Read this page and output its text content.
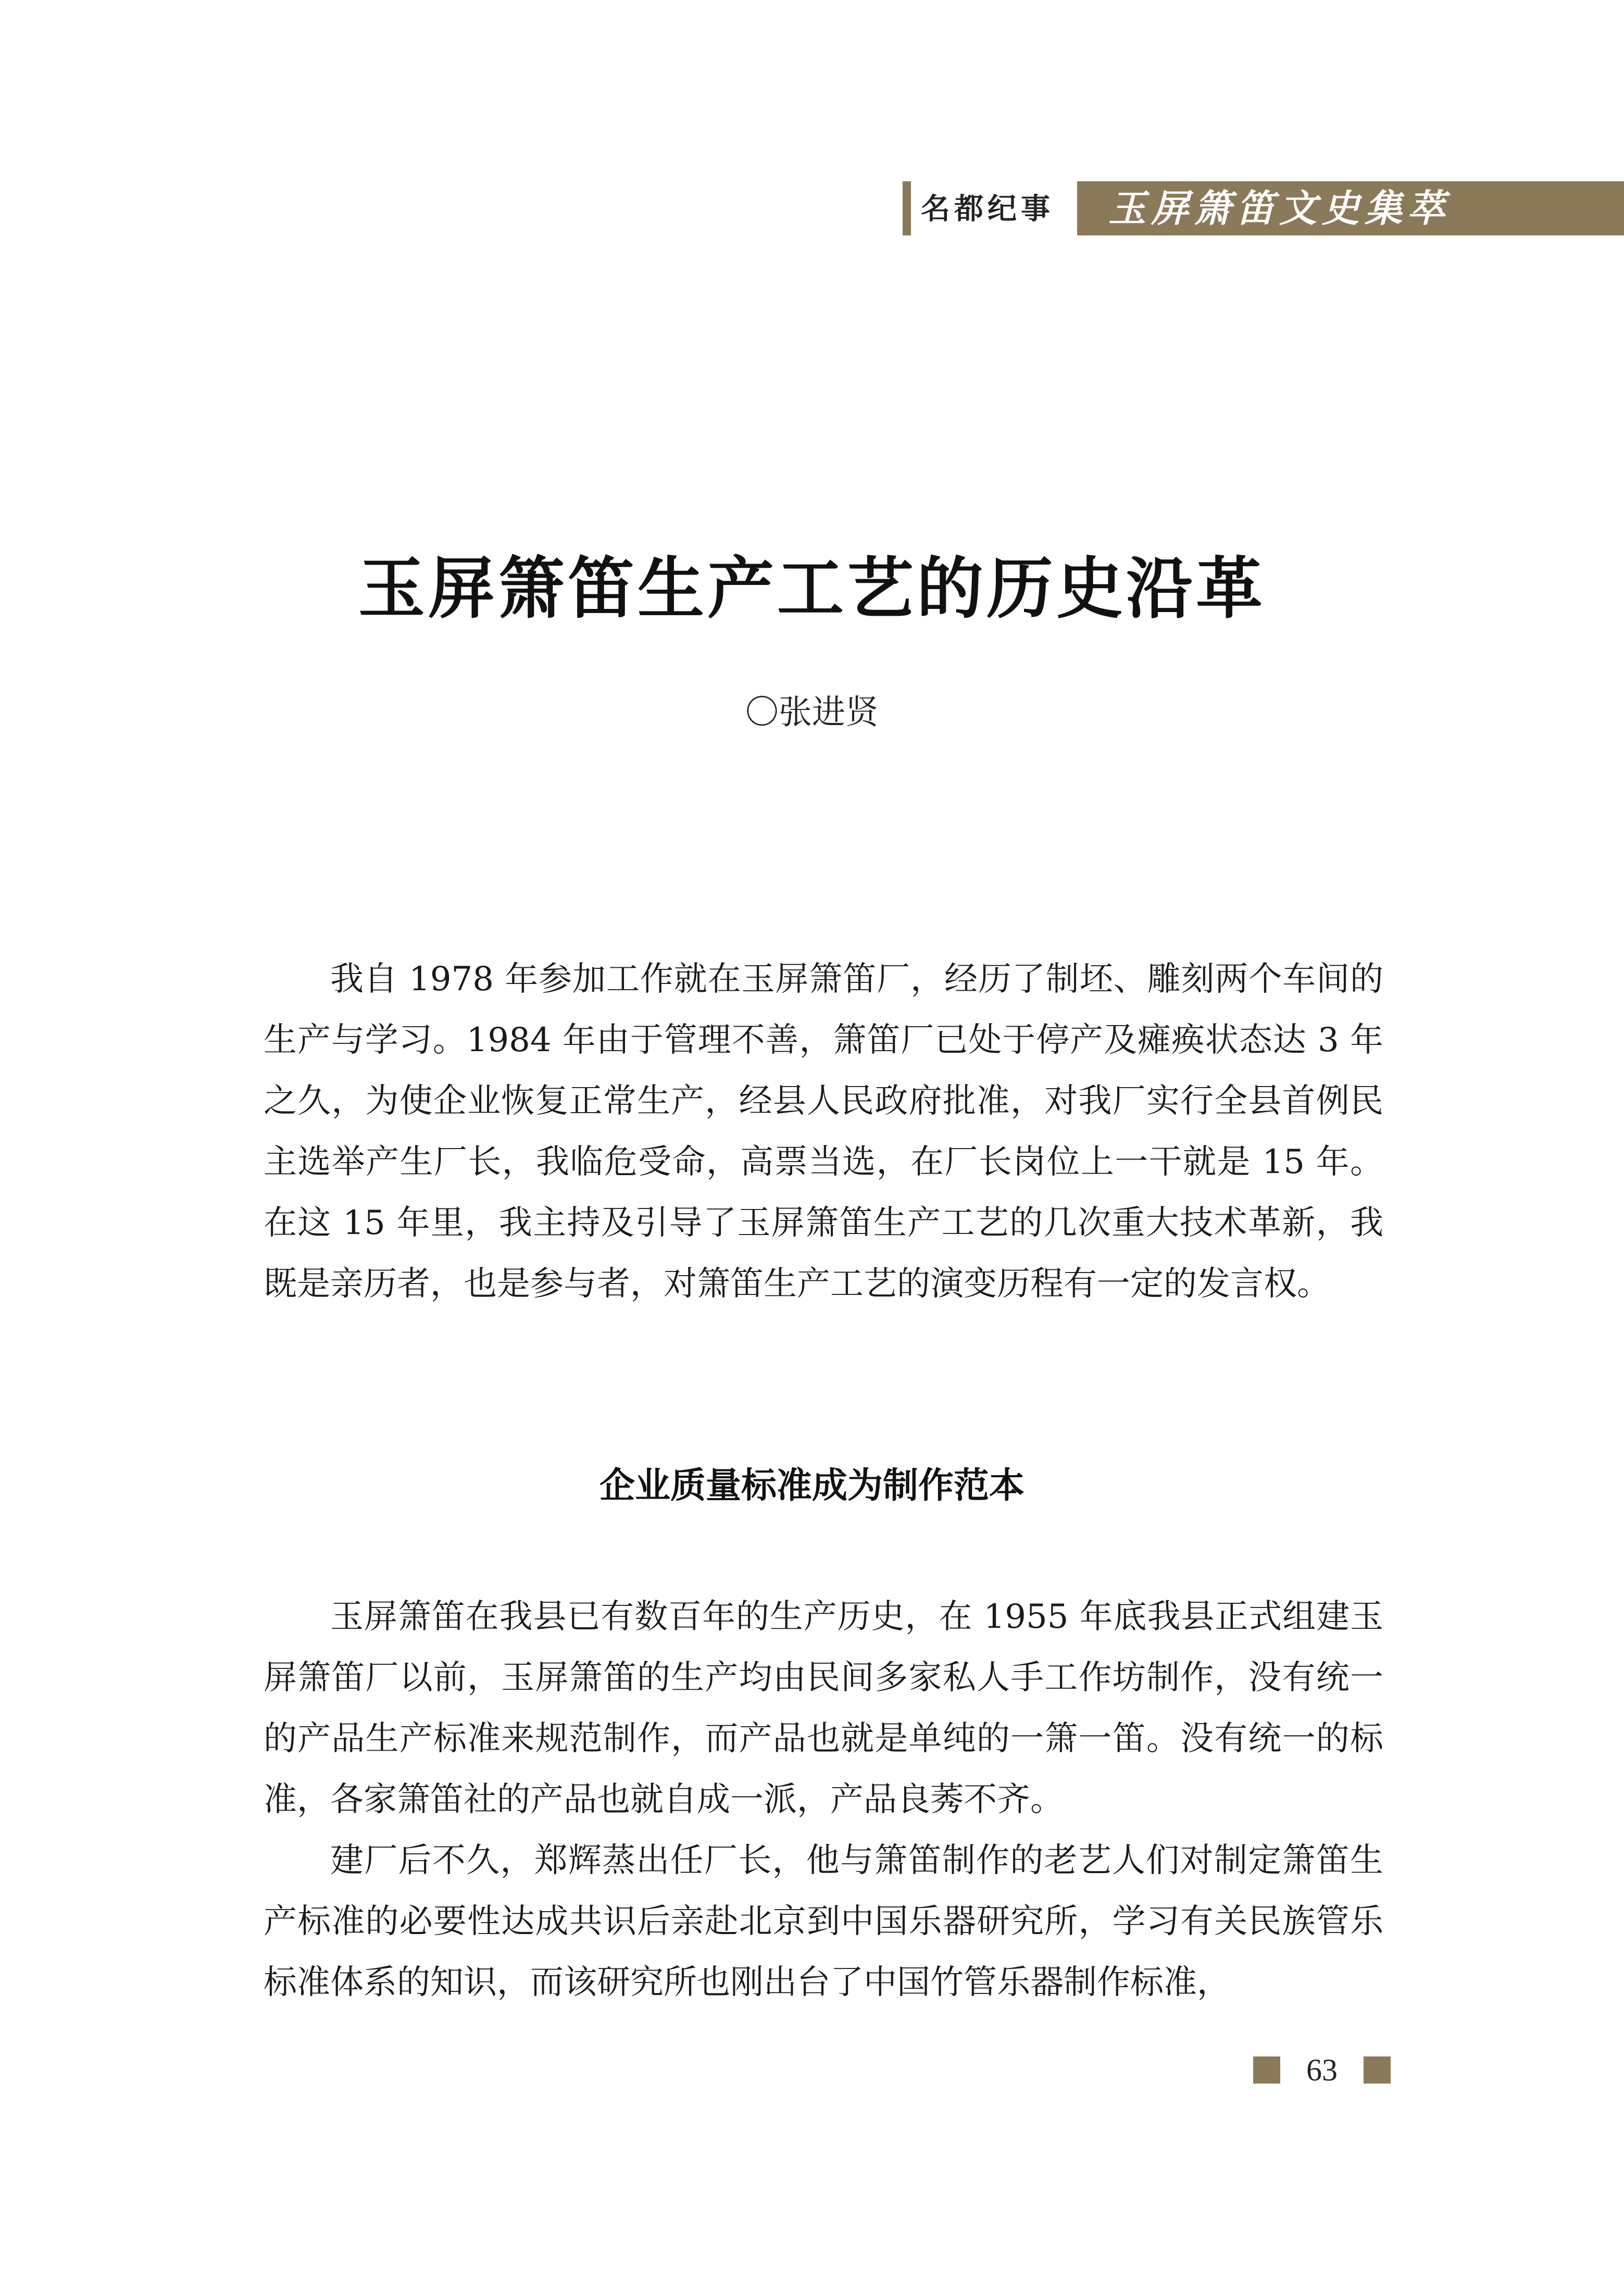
名都纪事 玉屏箫笛文史集萃
玉屏箫笛生产工艺的历史沿革
〇张进贤

我自 1978 年参加工作就在玉屏箫笛厂，经历了制坯、雕刻两个车间的生产与学习。1984 年由于管理不善，箫笛厂已处于停产及瘫痪状态达 3 年之久，为使企业恢复正常生产，经县人民政府批准，对我厂实行全县首例民主选举产生厂长，我临危受命，高票当选，在厂长岗位上一干就是 15 年。在这 15 年里，我主持及引导了玉屏箫笛生产工艺的几次重大技术革新，我既是亲历者，也是参与者，对箫笛生产工艺的演变历程有一定的发言权。

企业质量标准成为制作范本

玉屏箫笛在我县已有数百年的生产历史，在 1955 年底我县正式组建玉屏箫笛厂以前，玉屏箫笛的生产均由民间多家私人手工作坊制作，没有统一的产品生产标准来规范制作，而产品也就是单纯的一箫一笛。没有统一的标准，各家箫笛社的产品也就自成一派，产品良莠不齐。

建厂后不久，郑辉蒸出任厂长，他与箫笛制作的老艺人们对制定箫笛生产标准的必要性达成共识后亲赴北京到中国乐器研究所，学习有关民族管乐标准体系的知识，而该研究所也刚出台了中国竹管乐器制作标准，

63
